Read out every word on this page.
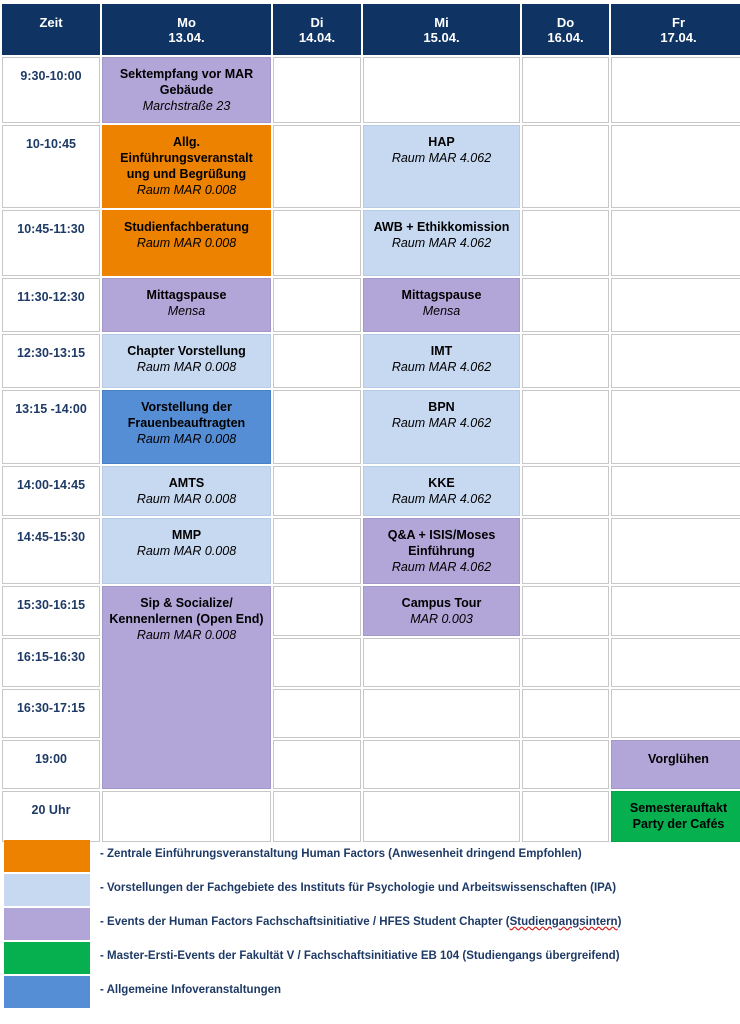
Zeit	Mo
13.04.
Di
14.04.
Mi
15.04.
Do
16.04.
Fr
17.04.
9:30-10:00
10-10:45
10:45-11:30
11:30-12:30
12:30-13:15
13:15 -14:00
14:00-14:45
14:45-15:30
15:30-16:15
16:15-16:30
16:30-17:15
19:00
20 Uhr
Sektempfang vor MAR Gebäude
Marchstraße 23
Allg. Einführungsveranstalt ung und Begrüßung
Raum MAR 0.008
Studienfachberatung
Raum MAR 0.008
Mittagspause
Mensa
Chapter Vorstellung
Raum MAR 0.008
Vorstellung der Frauenbeauftragten
Raum MAR 0.008
AMTS
Raum MAR 0.008
MMP
Raum MAR 0.008
Sip & Socialize/ Kennenlernen (Open End)
Raum MAR 0.008
HAP
Raum MAR 4.062
AWB + Ethikkomission
Raum MAR 4.062
Mittagspause
Mensa
IMT
Raum MAR 4.062
BPN
Raum MAR 4.062
KKE
Raum MAR 4.062
Q&A + ISIS/Moses Einführung
Raum MAR 4.062
Campus Tour
MAR 0.003
Vorglühen
Semesterauftakt Party der Cafés
- Zentrale Einführungsveranstaltung Human Factors (Anwesenheit dringend Empfohlen)
- Vorstellungen der Fachgebiete des Instituts für Psychologie und Arbeitswissenschaften (IPA)
- Events der Human Factors Fachschaftsinitiative / HFES Student Chapter (Studiengangsintern)
- Master-Ersti-Events der Fakultät V / Fachschaftsinitiative EB 104 (Studiengangs übergreifend)
- Allgemeine Infoveranstaltungen
